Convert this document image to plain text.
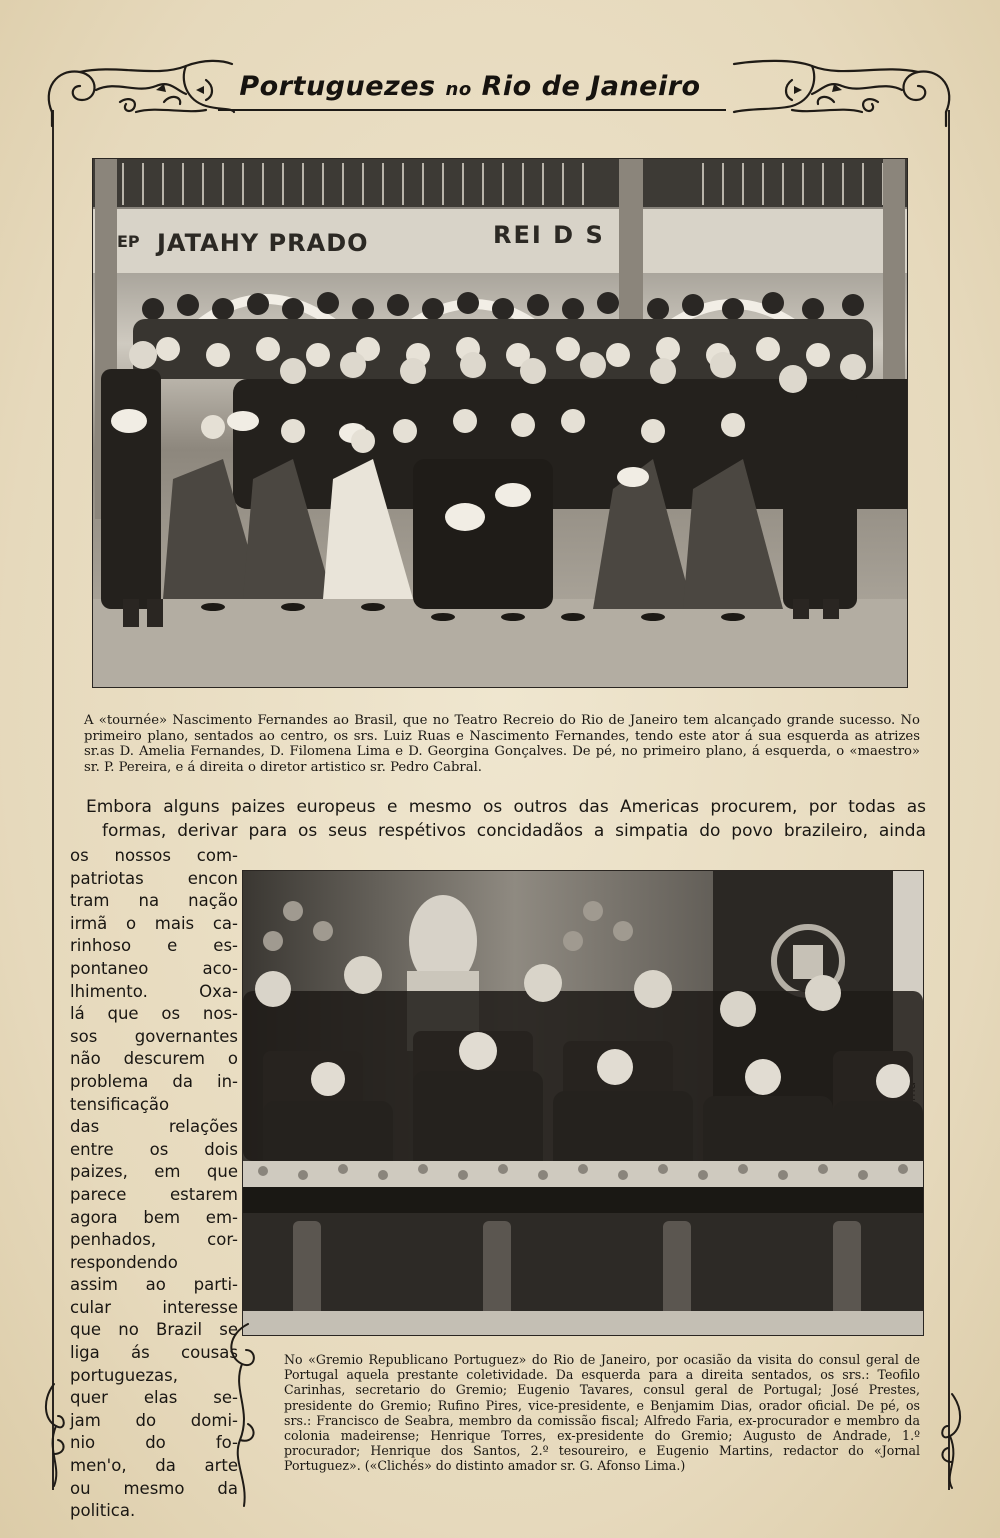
Portuguezes no Rio de Janeiro
EP JATAHY PRADO	REI D S
A «tournée» Nascimento Fernandes ao Brasil, que no Teatro Recreio do Rio de Janeiro tem alcançado grande sucesso. No primeiro plano, sentados ao centro, os srs. Luiz Ruas e Nascimento Fernandes, tendo este ator á sua esquerda as atrizes sr.as D. Amelia Fernandes, D. Filomena Lima e D. Georgina Gonçalves. De pé, no primeiro plano, á esquerda, o «maestro» sr. P. Pereira, e á direita o diretor artistico sr. Pedro Cabral.
Embora alguns paizes europeus e mesmo os outros das Americas procurem, por todas as
formas, derivar para os seus respétivos concidadãos a simpatia do povo brazileiro, ainda
os nossos com-
patriotas encon
tram na nação
irmã o mais ca-
rinhoso e es-
pontaneo aco-
lhimento. Oxa-
lá que os nos-
sos governantes
não descurem o
problema da in-
tensificação
das relações
entre os dois
paizes, em que
parece estarem
agora bem em-
penhados, cor-
respondendo
assim ao parti-
cular interesse
que no Brazil se
liga ás cousas
portuguezas,
quer elas se-
jam do domi-
nio do fo-
men'o, da arte
ou mesmo da
politica.
No «Gremio Republicano Portuguez» do Rio de Janeiro, por ocasião da visita do consul geral de Portugal aquela prestante coletividade. Da esquerda para a direita sentados, os srs.: Teofilo Carinhas, secretario do Gremio; Eugenio Tavares, consul geral de Portugal; José Prestes, presidente do Gremio; Rufino Pires, vice-presidente, e Benjamim Dias, orador oficial. De pé, os srs.: Francisco de Seabra, membro da comissão fiscal; Alfredo Faria, ex-procurador e membro da colonia madeirense; Henrique Torres, ex-presidente do Gremio; Augusto de Andrade, 1.º procurador; Henrique dos Santos, 2.º tesoureiro, e Eugenio Martins, redactor do «Jornal Portuguez». («Clichés» do distinto amador sr. G. Afonso Lima.)
